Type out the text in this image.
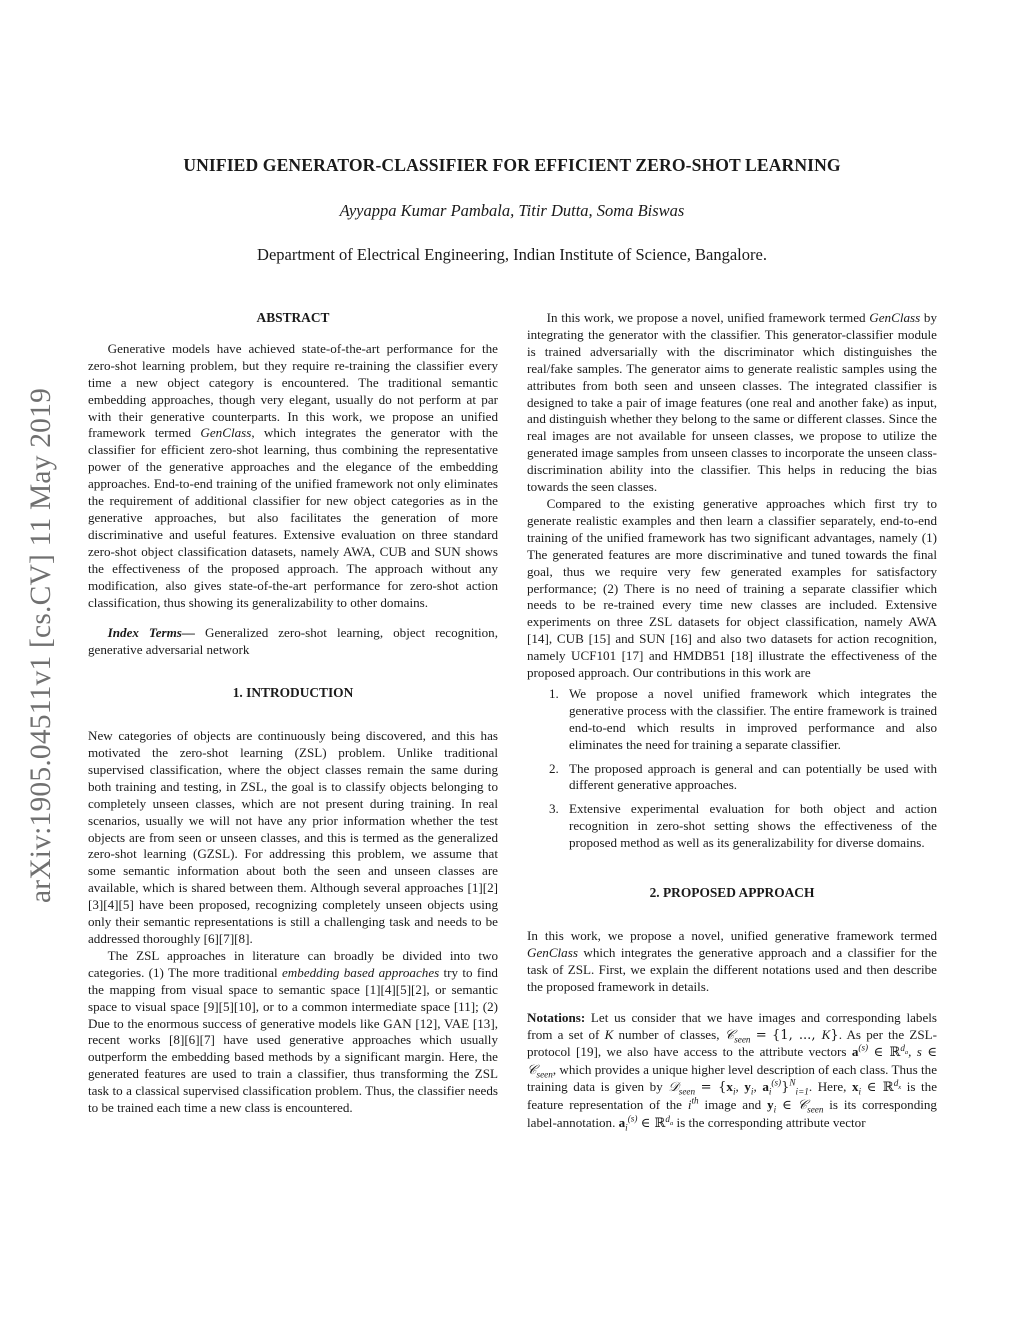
arXiv:1905.04511v1 [cs.CV] 11 May 2019
UNIFIED GENERATOR-CLASSIFIER FOR EFFICIENT ZERO-SHOT LEARNING
Ayyappa Kumar Pambala, Titir Dutta, Soma Biswas
Department of Electrical Engineering, Indian Institute of Science, Bangalore.

ABSTRACT

Generative models have achieved state-of-the-art performance for the zero-shot learning problem, but they require re-training the classifier every time a new object category is encountered. The traditional semantic embedding approaches, though very elegant, usually do not perform at par with their generative counterparts. In this work, we propose an unified framework termed GenClass, which integrates the generator with the classifier for efficient zero-shot learning, thus combining the representative power of the generative approaches and the elegance of the embedding approaches. End-to-end training of the unified framework not only eliminates the requirement of additional classifier for new object categories as in the generative approaches, but also facilitates the generation of more discriminative and useful features. Extensive evaluation on three standard zero-shot object classification datasets, namely AWA, CUB and SUN shows the effectiveness of the proposed approach. The approach without any modification, also gives state-of-the-art performance for zero-shot action classification, thus showing its generalizability to other domains.

Index Terms— Generalized zero-shot learning, object recognition, generative adversarial network

1. INTRODUCTION

New categories of objects are continuously being discovered, and this has motivated the zero-shot learning (ZSL) problem. Unlike traditional supervised classification, where the object classes remain the same during both training and testing, in ZSL, the goal is to classify objects belonging to completely unseen classes, which are not present during training. In real scenarios, usually we will not have any prior information whether the test objects are from seen or unseen classes, and this is termed as the generalized zero-shot learning (GZSL). For addressing this problem, we assume that some semantic information about both the seen and unseen classes are available, which is shared between them. Although several approaches [1][2][3][4][5] have been proposed, recognizing completely unseen objects using only their semantic representations is still a challenging task and needs to be addressed thoroughly [6][7][8].

The ZSL approaches in literature can broadly be divided into two categories. (1) The more traditional embedding based approaches try to find the mapping from visual space to semantic space [1][4][5][2], or semantic space to visual space [9][5][10], or to a common intermediate space [11]; (2) Due to the enormous success of generative models like GAN [12], VAE [13], recent works [8][6][7] have used generative approaches which usually outperform the embedding based methods by a significant margin. Here, the generated features are used to train a classifier, thus transforming the ZSL task to a classical supervised classification problem. Thus, the classifier needs to be trained each time a new class is encountered.

In this work, we propose a novel, unified framework termed GenClass by integrating the generator with the classifier. This generator-classifier module is trained adversarially with the discriminator which distinguishes the real/fake samples. The generator aims to generate realistic samples using the attributes from both seen and unseen classes. The integrated classifier is designed to take a pair of image features (one real and another fake) as input, and distinguish whether they belong to the same or different classes. Since the real images are not available for unseen classes, we propose to utilize the generated image samples from unseen classes to incorporate the unseen class-discrimination ability into the classifier. This helps in reducing the bias towards the seen classes.

Compared to the existing generative approaches which first try to generate realistic examples and then learn a classifier separately, end-to-end training of the unified framework has two significant advantages, namely (1) The generated features are more discriminative and tuned towards the final goal, thus we require very few generated examples for satisfactory performance; (2) There is no need of training a separate classifier which needs to be re-trained every time new classes are included. Extensive experiments on three ZSL datasets for object classification, namely AWA [14], CUB [15] and SUN [16] and also two datasets for action recognition, namely UCF101 [17] and HMDB51 [18] illustrate the effectiveness of the proposed approach. Our contributions in this work are

1. We propose a novel unified framework which integrates the generative process with the classifier. The entire framework is trained end-to-end which results in improved performance and also eliminates the need for training a separate classifier.
2. The proposed approach is general and can potentially be used with different generative approaches.
3. Extensive experimental evaluation for both object and action recognition in zero-shot setting shows the effectiveness of the proposed method as well as its generalizability for diverse domains.

2. PROPOSED APPROACH

In this work, we propose a novel, unified generative framework termed GenClass which integrates the generative approach and a classifier for the task of ZSL. First, we explain the different notations used and then describe the proposed framework in details.

Notations: Let us consider that we have images and corresponding labels from a set of K number of classes, 𝒞$_{seen}$ = {1, ..., K}. As per the ZSL-protocol [19], we also have access to the attribute vectors $a^{(s)}$ ∈ ℝ$^{d_a}$, s ∈ 𝒞$_{seen}$, which provides a unique higher level description of each class. Thus the training data is given by 𝒟$_{seen}$ = {$x_i$, $y_i$, $a_i^{(s)}\}^N_{i=1}$. Here, $x_i$ ∈ ℝ$^{d_x}$ is the feature representation of the $i^{th}$ image and $y_i$ ∈ 𝒞$_{seen}$ is its corresponding label-annotation. $a_i^{(s)}$ ∈ ℝ$^{d_a}$ is the corresponding attribute vector
